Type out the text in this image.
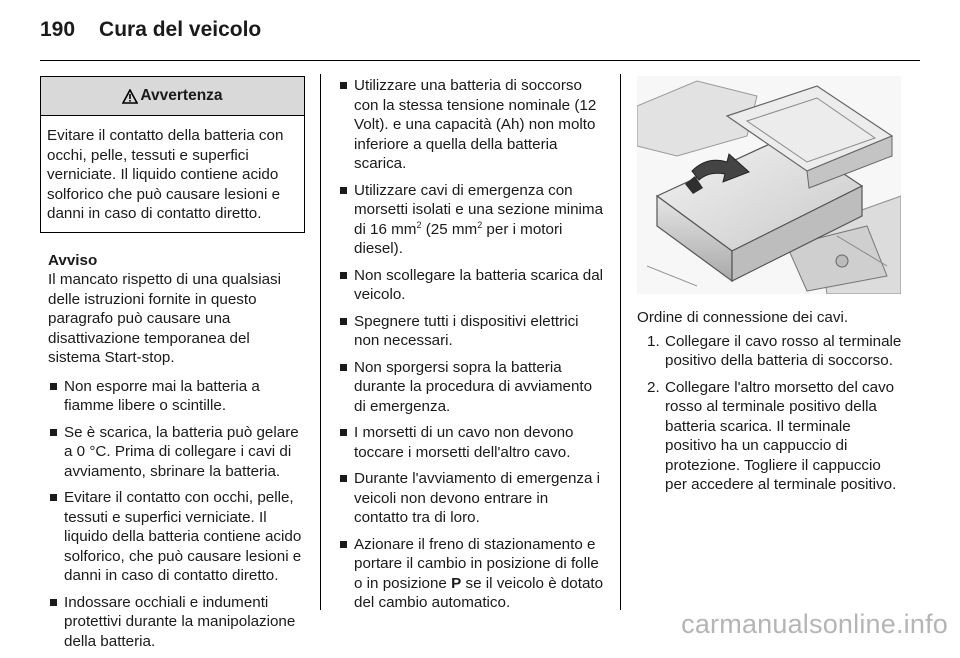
190 Cura del veicolo
Avvertenza
Evitare il contatto della batteria con occhi, pelle, tessuti e superfici verniciate. Il liquido contiene acido solforico che può causare lesioni e danni in caso di contatto diretto.
Avviso
Il mancato rispetto di una qualsiasi delle istruzioni fornite in questo paragrafo può causare una disattivazione temporanea del sistema Start-stop.
Non esporre mai la batteria a fiamme libere o scintille.
Se è scarica, la batteria può gelare a 0 °C. Prima di collegare i cavi di avviamento, sbrinare la batteria.
Evitare il contatto con occhi, pelle, tessuti e superfici verniciate. Il liquido della batteria contiene acido solforico, che può causare lesioni e danni in caso di contatto diretto.
Indossare occhiali e indumenti protettivi durante la manipolazione della batteria.
Utilizzare una batteria di soccorso con la stessa tensione nominale (12 Volt). e una capacità (Ah) non molto inferiore a quella della batteria scarica.
Utilizzare cavi di emergenza con morsetti isolati e una sezione minima di 16 $mm^2$ (25 $mm^2$ per i motori diesel).
Non scollegare la batteria scarica dal veicolo.
Spegnere tutti i dispositivi elettrici non necessari.
Non sporgersi sopra la batteria durante la procedura di avviamento di emergenza.
I morsetti di un cavo non devono toccare i morsetti dell'altro cavo.
Durante l'avviamento di emergenza i veicoli non devono entrare in contatto tra di loro.
Azionare il freno di stazionamento e portare il cambio in posizione di folle o in posizione P se il veicolo è dotato del cambio automatico.
Ordine di connessione dei cavi.
1. Collegare il cavo rosso al terminale positivo della batteria di soccorso.
2. Collegare l'altro morsetto del cavo rosso al terminale positivo della batteria scarica. Il terminale positivo ha un cappuccio di protezione. Togliere il cappuccio per accedere al terminale positivo.
carmanualsonline.info
